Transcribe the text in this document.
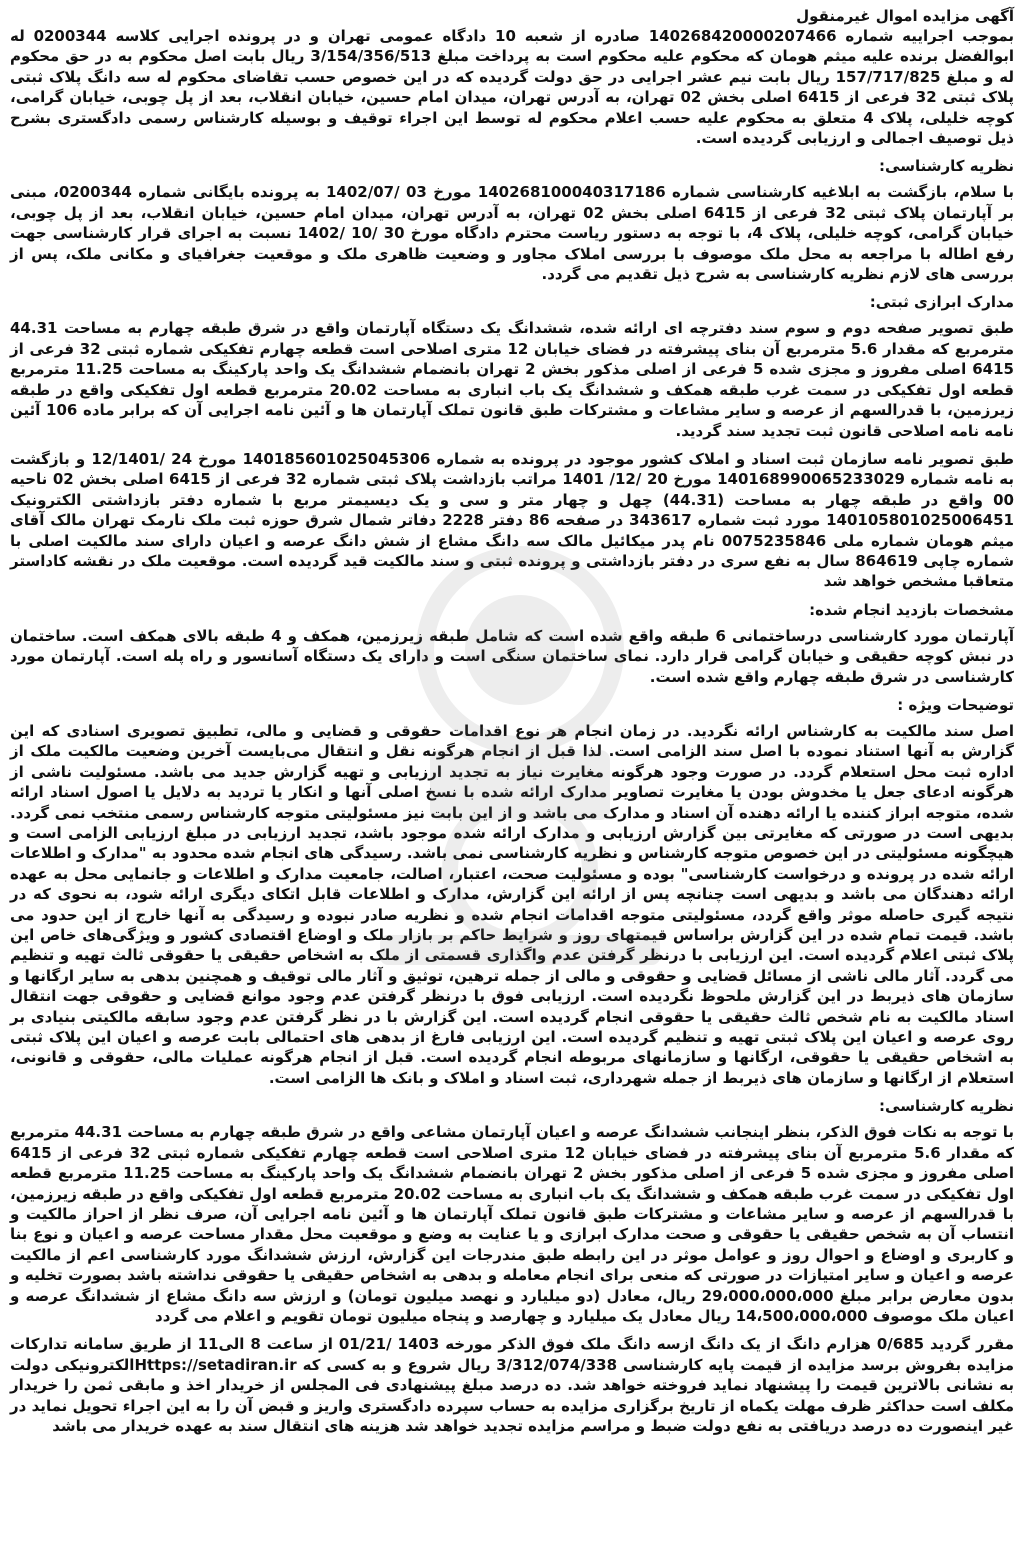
آگهی مزایده اموال غیرمنقول

بموجب اجراییه شماره 140268420000207466 صادره از شعبه 10 دادگاه عمومی تهران و در پرونده اجرایی کلاسه 0200344 له ابوالفضل برنده علیه میثم هومان که محکوم علیه محکوم است به پرداخت مبلغ 3/154/356/513 ریال بابت اصل محکوم به در حق محکوم له و مبلغ 157/717/825 ریال بابت نیم عشر اجرایی در حق دولت گردیده که در این خصوص حسب تقاضای محکوم له سه دانگ پلاک ثبتی پلاک ثبتی 32 فرعی از 6415 اصلی بخش 02 تهران، به آدرس تهران، میدان امام حسین، خیابان انقلاب، بعد از پل چوبی، خیابان گرامی، کوچه خلیلی، پلاک 4 متعلق به محکوم علیه حسب اعلام محکوم له توسط این اجراء توقیف و بوسیله کارشناس رسمی دادگستری بشرح ذیل توصیف اجمالی و ارزیابی گردیده است.

نظریه کارشناسی:

با سلام، بازگشت به ابلاغیه کارشناسی شماره 140268100040317186 مورخ 03 /1402/07 به پرونده بایگانی شماره 0200344، مبنی بر آپارتمان پلاک ثبتی 32 فرعی از 6415 اصلی بخش 02 تهران، به آدرس تهران، میدان امام حسین، خیابان انقلاب، بعد از پل چوبی، خیابان گرامی، کوچه خلیلی، پلاک 4، با توجه به دستور ریاست محترم دادگاه مورخ 30 /10 /1402 نسبت به اجرای قرار کارشناسی جهت رفع اطاله با مراجعه به محل ملک موصوف با بررسی املاک مجاور و وضعیت ظاهری ملک و موقعیت جغرافیای و مکانی ملک، پس از بررسی های لازم نظریه کارشناسی به شرح ذیل تقدیم می گردد.

مدارک ابرازی ثبتی:

طبق تصویر صفحه دوم و سوم سند دفترچه ای ارائه شده، ششدانگ یک دستگاه آپارتمان واقع در شرق طبقه چهارم به مساحت 44.31 مترمربع که مقدار 5.6 مترمربع آن بنای پیشرفته در فضای خیابان 12 متری اصلاحی است قطعه چهارم تفکیکی شماره ثبتی 32 فرعی از 6415 اصلی مفروز و مجزی شده 5 فرعی از اصلی مذکور بخش 2 تهران بانضمام ششدانگ یک واحد پارکینگ به مساحت 11.25 مترمربع قطعه اول تفکیکی در سمت غرب طبقه همکف و ششدانگ یک باب انباری به مساحت 20.02 مترمربع قطعه اول تفکیکی واقع در طبقه زیرزمین، با قدرالسهم از عرصه و سایر مشاعات و مشترکات طبق قانون تملک آپارتمان ها و آئین نامه اجرایی آن که برابر ماده 106 آئین نامه نامه اصلاحی قانون ثبت تجدید سند گردید.

طبق تصویر نامه سازمان ثبت اسناد و املاک کشور موجود در پرونده به شماره 140185601025045306 مورخ 24 /12/1401 و بازگشت به نامه شماره 140168990065233029 مورخ 20 /12/ 1401 مراتب بازداشت پلاک ثبتی شماره 32 فرعی از 6415 اصلی بخش 02 ناحیه 00 واقع در طبقه چهار به مساحت (44.31) چهل و چهار متر و سی و یک دیسیمتر مربع با شماره دفتر بازداشتی الکترونیک 140105801025006451 مورد ثبت شماره 343617 در صفحه 86 دفتر 2228 دفاتر شمال شرق حوزه ثبت ملک نارمک تهران مالک آقای میثم هومان شماره ملی 0075235846 نام پدر میکائیل مالک سه دانگ مشاع از شش دانگ عرصه و اعیان دارای سند مالکیت اصلی با شماره چاپی 864619 سال به نفع سری در دفتر بازداشتی و پرونده ثبتی و سند مالکیت قید گردیده است. موقعیت ملک در نقشه کاداستر متعاقبا مشخص خواهد شد

مشخصات بازدید انجام شده:

آپارتمان مورد کارشناسی درساختمانی 6 طبقه واقع شده است که شامل طبقه زیرزمین، همکف و 4 طبقه بالای همکف است. ساختمان در نبش کوچه حقیقی و خیابان گرامی قرار دارد. نمای ساختمان سنگی است و دارای یک دستگاه آسانسور و راه پله است. آپارتمان مورد کارشناسی در شرق طبقه چهارم واقع شده است.

توضیحات ویژه :

اصل سند مالکیت به کارشناس ارائه نگردید. در زمان انجام هر نوع اقدامات حقوقی و قضایی و مالی، تطبیق تصویری اسنادی که این گزارش به آنها استناد نموده با اصل سند الزامی است. لذا قبل از انجام هرگونه نقل و انتقال می‌بایست آخرین وضعیت مالکیت ملک از اداره ثبت محل استعلام گردد. در صورت وجود هرگونه مغایرت نیاز به تجدید ارزیابی و تهیه گزارش جدید می باشد. مسئولیت ناشی از هرگونه ادعای جعل یا مخدوش بودن یا مغایرت تصاویر مدارک ارائه شده با نسخ اصلی آنها و انکار یا تردید به دلایل یا اصول اسناد ارائه شده، متوجه ابراز کننده یا ارائه دهنده آن اسناد و مدارک می باشد و از این بابت نیز مسئولیتی متوجه کارشناس رسمی منتخب نمی گردد. بدیهی است در صورتی که مغایرتی بین گزارش ارزیابی و مدارک ارائه شده موجود باشد، تجدید ارزیابی در مبلغ ارزیابی الزامی است و هیچگونه مسئولیتی در این خصوص متوجه کارشناس و نظریه کارشناسی نمی باشد. رسیدگی های انجام شده محدود به "مدارک و اطلاعات ارائه شده در پرونده و درخواست کارشناسی" بوده و مسئولیت صحت، اعتبار، اصالت، جامعیت مدارک و اطلاعات و جانمایی محل به عهده ارائه دهندگان می باشد و بدیهی است چنانچه پس از ارائه این گزارش، مدارک و اطلاعات قابل اتکای دیگری ارائه شود، به نحوی که در نتیجه گیری حاصله موثر واقع گردد، مسئولیتی متوجه اقدامات انجام شده و نظریه صادر نبوده و رسیدگی به آنها خارج از این حدود می باشد. قیمت تمام شده در این گزارش براساس قیمتهای روز و شرایط حاکم بر بازار ملک و اوضاع اقتصادی کشور و ویژگی‌های خاص این پلاک ثبتی اعلام گردیده است. این ارزیابی با درنظر گرفتن عدم واگذاری قسمتی از ملک به اشخاص حقیقی یا حقوقی ثالث تهیه و تنظیم می گردد. آثار مالی ناشی از مسائل قضایی و حقوقی و مالی از جمله ترهین، توثیق و آثار مالی توقیف و همچنین بدهی به سایر ارگانها و سازمان های ذیربط در این گزارش ملحوظ نگردیده است. ارزیابی فوق با درنظر گرفتن عدم وجود موانع قضایی و حقوقی جهت انتقال اسناد مالکیت به نام شخص ثالث حقیقی یا حقوقی انجام گردیده است. این گزارش با در نظر گرفتن عدم وجود سابقه مالکیتی بنیادی بر روی عرصه و اعیان این پلاک ثبتی تهیه و تنظیم گردیده است. این ارزیابی فارغ از بدهی های احتمالی بابت عرصه و اعیان این پلاک ثبتی به اشخاص حقیقی یا حقوقی، ارگانها و سازمانهای مربوطه انجام گردیده است. قبل از انجام هرگونه عملیات مالی، حقوقی و قانونی، استعلام از ارگانها و سازمان های ذیربط از جمله شهرداری، ثبت اسناد و املاک و بانک ها الزامی است.

نظریه کارشناسی:

با توجه به نکات فوق الذکر، بنظر اینجانب ششدانگ عرصه و اعیان آپارتمان مشاعی واقع در شرق طبقه چهارم به مساحت 44.31 مترمربع که مقدار 5.6 مترمربع آن بنای پیشرفته در فضای خیابان 12 متری اصلاحی است قطعه چهارم تفکیکی شماره ثبتی 32 فرعی از 6415 اصلی مفروز و مجزی شده 5 فرعی از اصلی مذکور بخش 2 تهران بانضمام ششدانگ یک واحد پارکینگ به مساحت 11.25 مترمربع قطعه اول تفکیکی در سمت غرب طبقه همکف و ششدانگ یک باب انباری به مساحت 20.02 مترمربع قطعه اول تفکیکی واقع در طبقه زیرزمین، با قدرالسهم از عرصه و سایر مشاعات و مشترکات طبق قانون تملک آپارتمان ها و آئین نامه اجرایی آن، صرف نظر از احراز مالکیت و انتساب آن به شخص حقیقی یا حقوقی و صحت مدارک ابرازی و یا عنایت به وضع و موقعیت محل مقدار مساحت عرصه و اعیان و نوع بنا و کاربری و اوضاع و احوال روز و عوامل موثر در این رابطه طبق مندرجات این گزارش، ارزش ششدانگ مورد کارشناسی اعم از مالکیت عرصه و اعیان و سایر امتیازات در صورتی که منعی برای انجام معامله و بدهی به اشخاص حقیقی یا حقوقی نداشته باشد بصورت تخلیه و بدون معارض برابر مبلغ 29،000،000،000 ریال، معادل (دو میلیارد و نهصد میلیون تومان) و ارزش سه دانگ مشاع از ششدانگ عرصه و اعیان ملک موصوف 14،500،000،000 ریال معادل یک میلیارد و چهارصد و پنجاه میلیون تومان تقویم و اعلام می گردد

مقرر گردید 0/685 هزارم دانگ از یک دانگ ازسه دانگ ملک فوق الذکر مورخه 1403 /01/21 از ساعت 8 الی11 از طریق سامانه تدارکات مزایده بفروش برسد مزایده از قیمت پایه کارشناسی 3/312/074/338 ریال شروع و به کسی که Https://setadiran.irالکترونیکی دولت به نشانی بالاترین قیمت را پیشنهاد نماید فروخته خواهد شد. ده درصد مبلغ پیشنهادی فی المجلس از خریدار اخذ و مابقی ثمن را خریدار مکلف است حداکثر ظرف مهلت یکماه از تاریخ برگزاری مزایده به حساب سپرده دادگستری واریز و قبض آن را به این اجراء تحویل نماید در غیر اینصورت ده درصد دریافتی به نفع دولت ضبط و مراسم مزایده تجدید خواهد شد هزینه های انتقال سند به عهده خریدار می باشد
